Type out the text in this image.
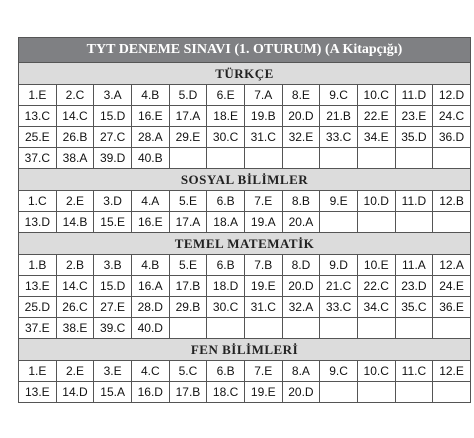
TYT DENEME SINAVI (1. OTURUM) (A Kitapçığı)
TÜRKÇE
1.E	2.C	3.A	4.B	5.D	6.E	7.A	8.E	9.C	10.C	11.D	12.D
13.C	14.C	15.D	16.E	17.A	18.E	19.B	20.D	21.B	22.E	23.E	24.C
25.E	26.B	27.C	28.A	29.E	30.C	31.C	32.E	33.C	34.E	35.D	36.D
37.C	38.A	39.D	40.B
SOSYAL BİLİMLER
1.C	2.E	3.D	4.A	5.E	6.B	7.E	8.B	9.E	10.D	11.D	12.B
13.D	14.B	15.E	16.E	17.A	18.A	19.A	20.A
TEMEL MATEMATİK
1.B	2.B	3.B	4.B	5.E	6.B	7.B	8.D	9.D	10.E	11.A	12.A
13.E	14.C	15.D	16.A	17.B	18.D	19.E	20.D	21.C	22.C	23.D	24.E
25.D	26.C	27.E	28.D	29.B	30.C	31.C	32.A	33.C	34.C	35.C	36.E
37.E	38.E	39.C	40.D
FEN BİLİMLERİ
1.E	2.E	3.E	4.C	5.C	6.B	7.E	8.A	9.C	10.C	11.C	12.E
13.E	14.D	15.A	16.D	17.B	18.C	19.E	20.D
